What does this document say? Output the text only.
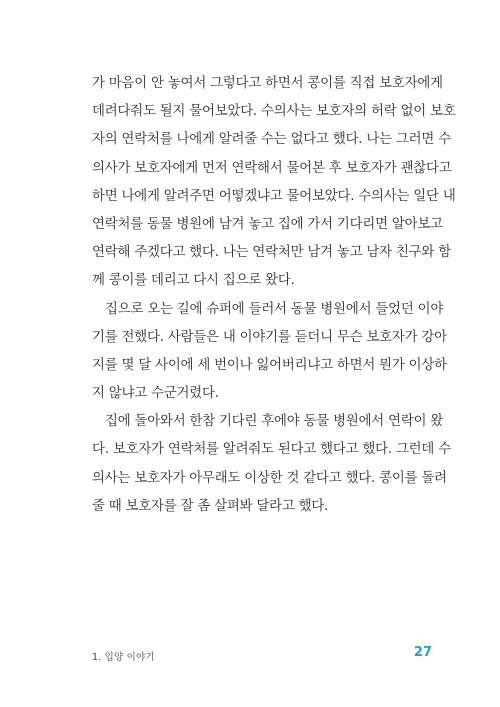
가 마음이 안 놓여서 그렇다고 하면서 콩이를 직접 보호자에게
데려다줘도 될지 물어보았다. 수의사는 보호자의 허락 없이 보호
자의 연락처를 나에게 알려줄 수는 없다고 했다. 나는 그러면 수
의사가 보호자에게 먼저 연락해서 물어본 후 보호자가 괜찮다고
하면 나에게 알려주면 어떻겠냐고 물어보았다. 수의사는 일단 내
연락처를 동물 병원에 남겨 놓고 집에 가서 기다리면 알아보고
연락해 주겠다고 했다. 나는 연락처만 남겨 놓고 남자 친구와 함
께 콩이를 데리고 다시 집으로 왔다.
집으로 오는 길에 슈퍼에 들러서 동물 병원에서 들었던 이야
기를 전했다. 사람들은 내 이야기를 듣더니 무슨 보호자가 강아
지를 몇 달 사이에 세 번이나 잃어버리냐고 하면서 뭔가 이상하
지 않냐고 수군거렸다.
집에 돌아와서 한참 기다린 후에야 동물 병원에서 연락이 왔
다. 보호자가 연락처를 알려줘도 된다고 했다고 했다. 그런데 수
의사는 보호자가 아무래도 이상한 것 같다고 했다. 콩이를 돌려
줄 때 보호자를 잘 좀 살펴봐 달라고 했다.
1. 입양 이야기	27
